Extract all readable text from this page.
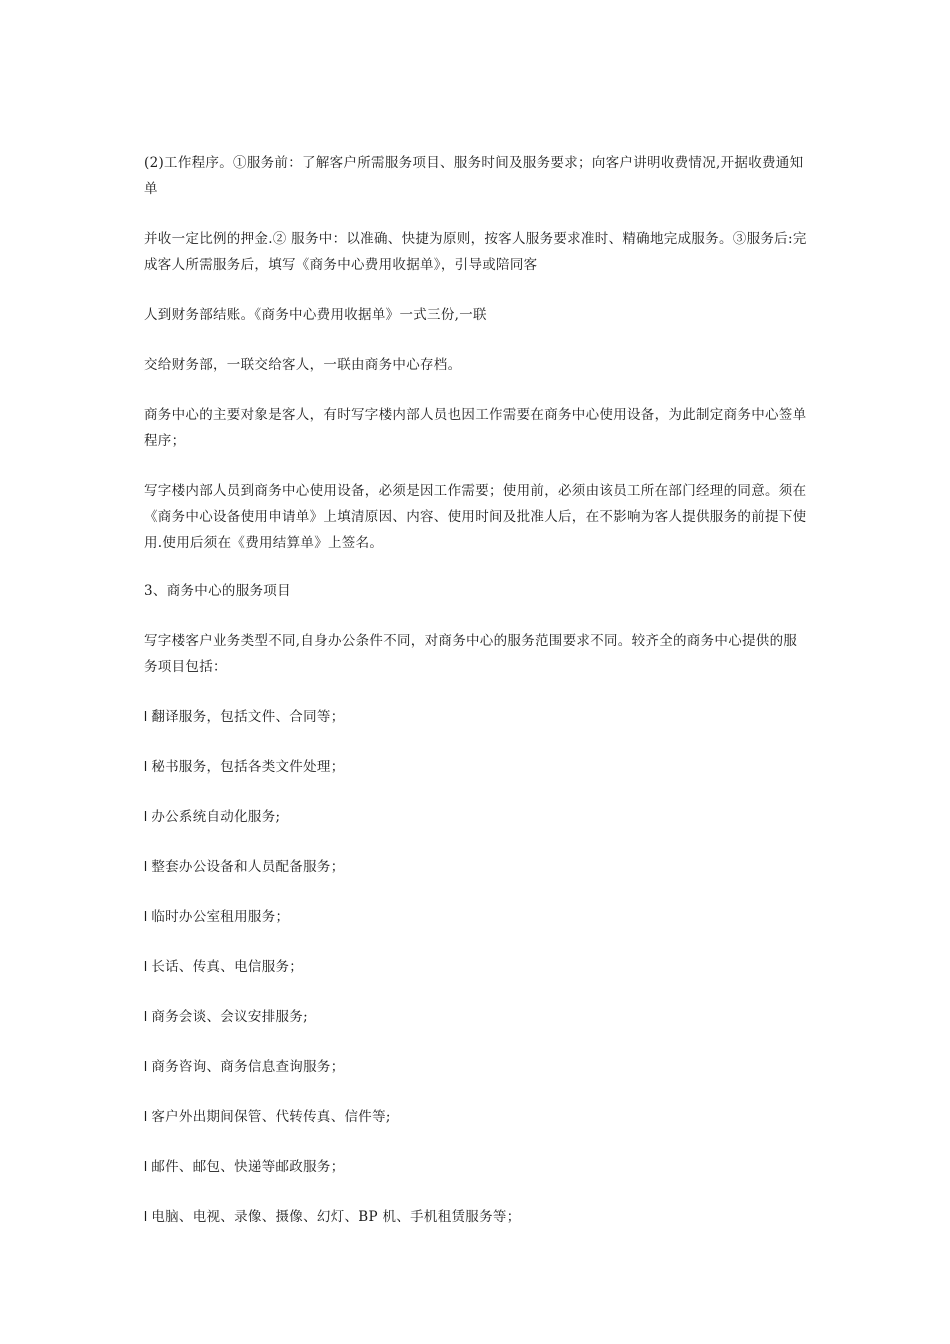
(2)工作程序。①服务前：了解客户所需服务项目、服务时间及服务要求；向客户讲明收费情况,开据收费通知单

并收一定比例的押金.② 服务中：以准确、快捷为原则，按客人服务要求准时、精确地完成服务。③服务后:完成客人所需服务后，填写《商务中心费用收据单》，引导或陪同客

人到财务部结账。《商务中心费用收据单》一式三份,一联

交给财务部，一联交给客人，一联由商务中心存档。

商务中心的主要对象是客人，有时写字楼内部人员也因工作需要在商务中心使用设备，为此制定商务中心签单程序；

写字楼内部人员到商务中心使用设备，必须是因工作需要；使用前，必须由该员工所在部门经理的同意。须在《商务中心设备使用申请单》上填清原因、内容、使用时间及批准人后，在不影响为客人提供服务的前提下使用.使用后须在《费用结算单》上签名。

3、商务中心的服务项目

写字楼客户业务类型不同,自身办公条件不同，对商务中心的服务范围要求不同。较齐全的商务中心提供的服务项目包括：

l 翻译服务，包括文件、合同等；

l 秘书服务，包括各类文件处理；

l 办公系统自动化服务;

l 整套办公设备和人员配备服务；

l 临时办公室租用服务；

l 长话、传真、电信服务；

l 商务会谈、会议安排服务;

l 商务咨询、商务信息查询服务；

l 客户外出期间保管、代转传真、信件等;

l 邮件、邮包、快递等邮政服务；

l 电脑、电视、录像、摄像、幻灯、BP 机、手机租赁服务等；
